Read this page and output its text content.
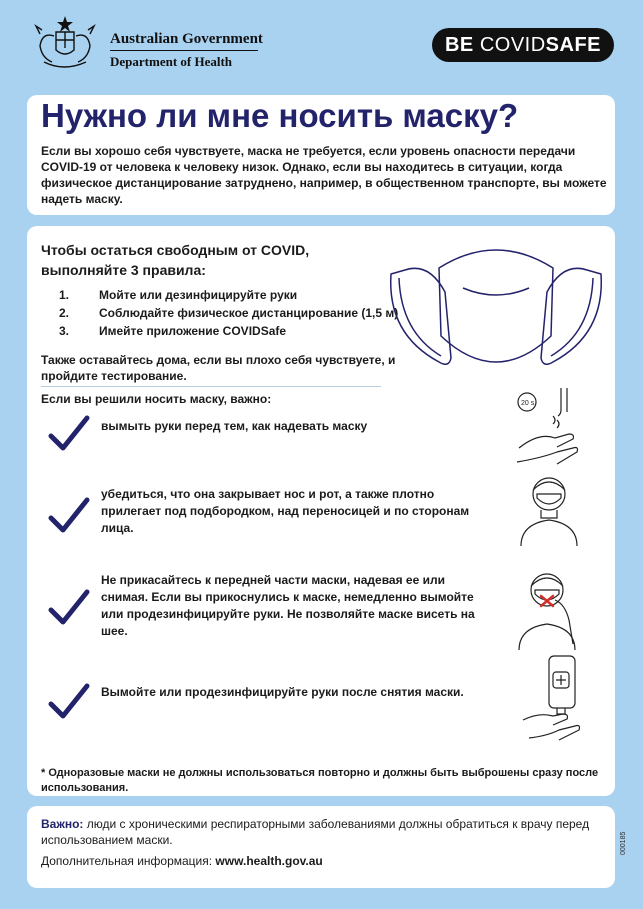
Australian Government
Department of Health
BE COVIDSAFE
Нужно ли мне носить маску?

Если вы хорошо себя чувствуете, маска не требуется, если уровень опасности передачи COVID-19 от человека к человеку низок. Однако, если вы находитесь в ситуации, когда физическое дистанцирование затруднено, например, в общественном транспорте, вы можете надеть маску.

Чтобы остаться свободным от COVID,
выполняйте 3 правила:

1.	Мойте или дезинфицируйте руки
2.	Соблюдайте физическое дистанцирование (1,5 м)
3.	Имейте приложение COVIDSafe

Также оставайтесь дома, если вы плохо себя чувствуете, и пройдите тестирование.

Если вы решили носить маску, важно:

вымыть руки перед тем, как надевать маску

20 s

убедиться, что она закрывает нос и рот, а также плотно прилегает под подбородком, над переносицей и по сторонам лица.

Не прикасайтесь к передней части маски, надевая ее или снимая. Если вы прикоснулись к маске, немедленно вымойте или продезинфицируйте руки. Не позволяйте маске висеть на шее.

Вымойте или продезинфицируйте руки после снятия маски.

* Одноразовые маски не должны использоваться повторно и должны быть выброшены сразу после использования.

Важно: люди с хроническими респираторными заболеваниями должны обратиться к врачу перед использованием маски.

Дополнительная информация: www.health.gov.au

000185
